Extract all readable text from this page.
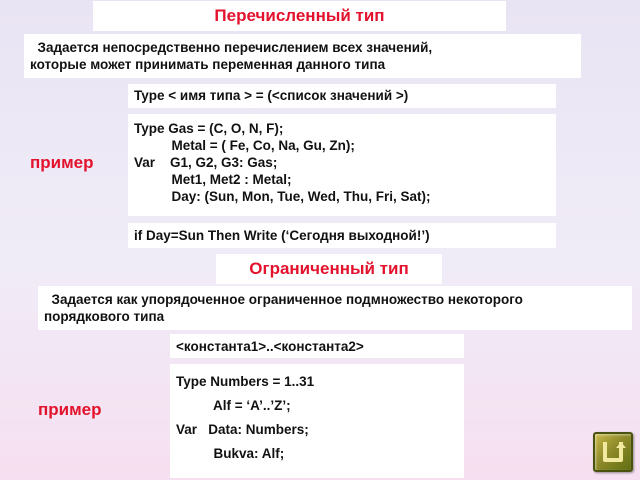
Перечисленный тип
Задается непосредственно перечислением всех значений,
которые может принимать переменная данного типа
Type < имя типа > = (<список значений >)
пример
Type Gas = (C, O, N, F);
Metal = ( Fe, Co, Na, Gu, Zn);
Var    G1, G2, G3: Gas;
Met1, Met2 : Metal;
Day: (Sun, Mon, Tue, Wed, Thu, Fri, Sat);
if Day=Sun Then Write (‘Сегодня выходной!’)
Ограниченный тип
Задается как упорядоченное ограниченное подмножество некоторого
порядкового типа
<константа1>..<константа2>
пример
Type Numbers = 1..31
Alf = ‘A’..’Z’;
Var   Data: Numbers;
Bukva: Alf;
